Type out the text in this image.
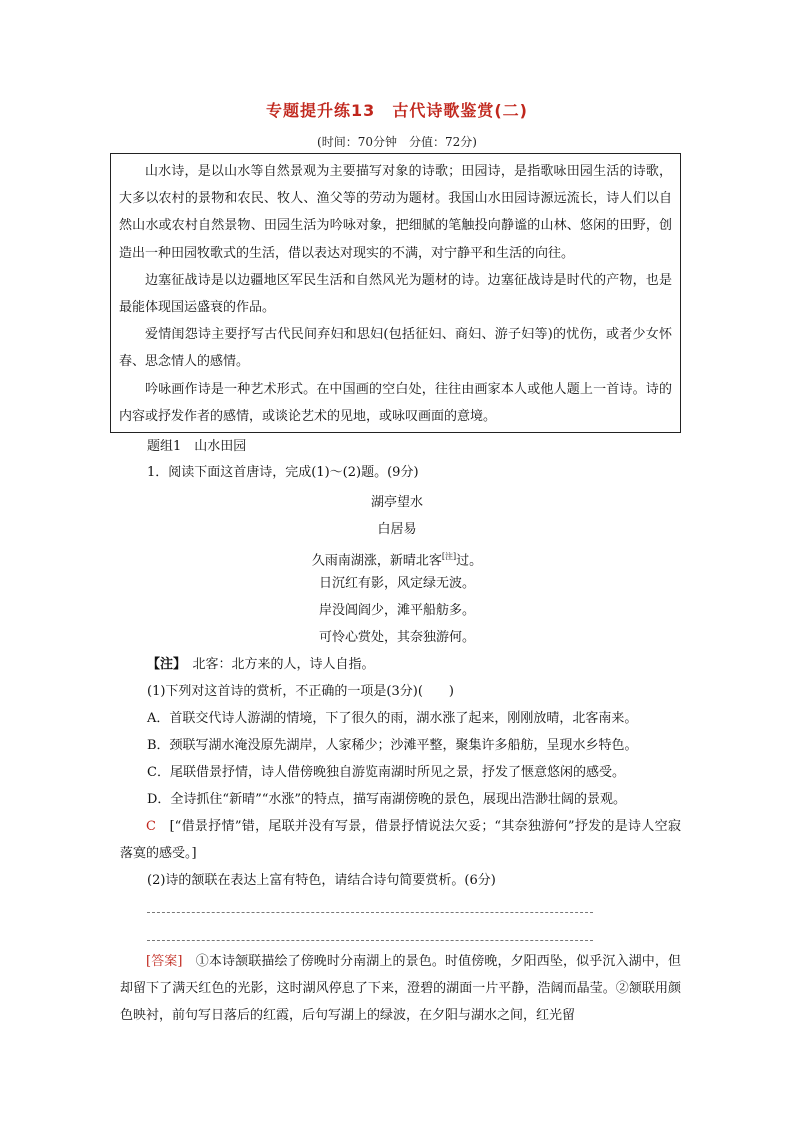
专题提升练13　古代诗歌鉴赏(二)
(时间：70分钟　分值：72分)

山水诗，是以山水等自然景观为主要描写对象的诗歌；田园诗，是指歌咏田园生活的诗歌，大多以农村的景物和农民、牧人、渔父等的劳动为题材。我国山水田园诗源远流长，诗人们以自然山水或农村自然景物、田园生活为吟咏对象，把细腻的笔触投向静谧的山林、悠闲的田野，创造出一种田园牧歌式的生活，借以表达对现实的不满，对宁静平和生活的向往。

边塞征战诗是以边疆地区军民生活和自然风光为题材的诗。边塞征战诗是时代的产物，也是最能体现国运盛衰的作品。

爱情闺怨诗主要抒写古代民间弃妇和思妇(包括征妇、商妇、游子妇等)的忧伤，或者少女怀春、思念情人的感情。

吟咏画作诗是一种艺术形式。在中国画的空白处，往往由画家本人或他人题上一首诗。诗的内容或抒发作者的感情，或谈论艺术的见地，或咏叹画面的意境。

题组1　山水田园
1．阅读下面这首唐诗，完成(1)～(2)题。(9分)
湖亭望水
白居易
久雨南湖涨，新晴北客[注]过。
日沉红有影，风定绿无波。
岸没阊阎少，滩平船舫多。
可怜心赏处，其奈独游何。
【注】　 北客：北方来的人，诗人自指。
(1)下列对这首诗的赏析，不正确的一项是(3分)(　　)
A．首联交代诗人游湖的情境，下了很久的雨，湖水涨了起来，刚刚放晴，北客南来。
B．颈联写湖水淹没原先湖岸，人家稀少；沙滩平整，聚集许多船舫，呈现水乡特色。
C．尾联借景抒情，诗人借傍晚独自游览南湖时所见之景，抒发了惬意悠闲的感受。
D．全诗抓住“新晴”“水涨”的特点，描写南湖傍晚的景色，展现出浩渺壮阔的景观。
C　 [“借景抒情”错，尾联并没有写景，借景抒情说法欠妥；“其奈独游何”抒发的是诗人空寂落寞的感受。]
(2)诗的颔联在表达上富有特色，请结合诗句简要赏析。(6分)
[答案]　 ①本诗颔联描绘了傍晚时分南湖上的景色。时值傍晚，夕阳西坠，似乎沉入湖中，但却留下了满天红色的光影，这时湖风停息了下来，澄碧的湖面一片平静，浩阔而晶莹。②颔联用颜色映衬，前句写日落后的红霞，后句写湖上的绿波，在夕阳与湖水之间，红光留
